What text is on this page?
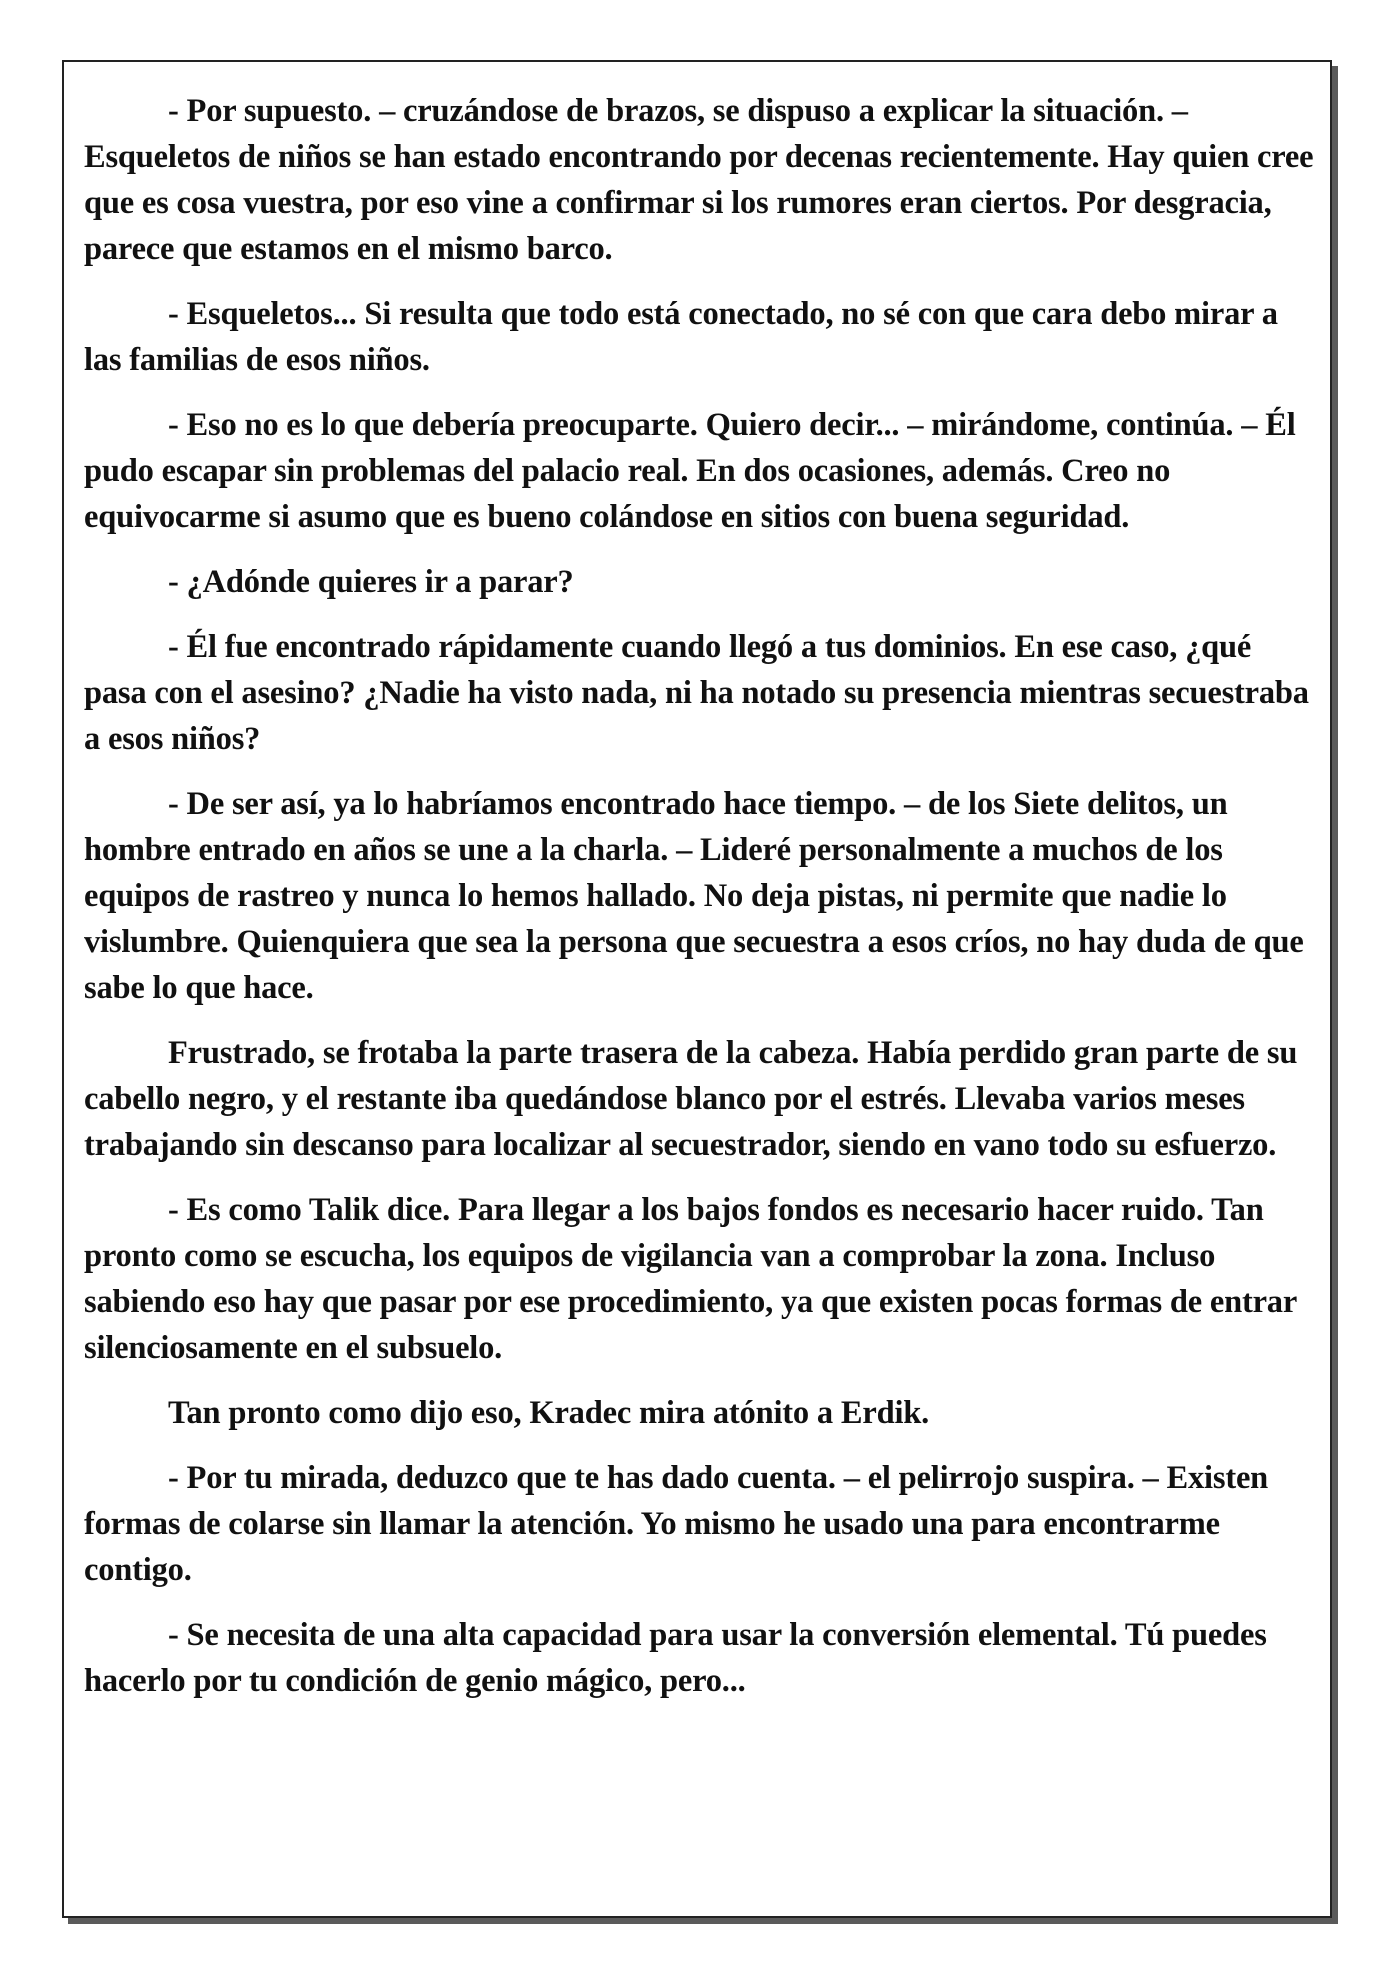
- Por supuesto. – cruzándose de brazos, se dispuso a explicar la situación. – Esqueletos de niños se han estado encontrando por decenas recientemente. Hay quien cree que es cosa vuestra, por eso vine a confirmar si los rumores eran ciertos. Por desgracia, parece que estamos en el mismo barco.

- Esqueletos... Si resulta que todo está conectado, no sé con que cara debo mirar a las familias de esos niños.

- Eso no es lo que debería preocuparte. Quiero decir... – mirándome, continúa. – Él pudo escapar sin problemas del palacio real. En dos ocasiones, además. Creo no equivocarme si asumo que es bueno colándose en sitios con buena seguridad.

- ¿Adónde quieres ir a parar?

- Él fue encontrado rápidamente cuando llegó a tus dominios. En ese caso, ¿qué pasa con el asesino? ¿Nadie ha visto nada, ni ha notado su presencia mientras secuestraba a esos niños?

- De ser así, ya lo habríamos encontrado hace tiempo. – de los Siete delitos, un hombre entrado en años se une a la charla. – Lideré personalmente a muchos de los equipos de rastreo y nunca lo hemos hallado. No deja pistas, ni permite que nadie lo vislumbre. Quienquiera que sea la persona que secuestra a esos críos, no hay duda de que sabe lo que hace.

Frustrado, se frotaba la parte trasera de la cabeza. Había perdido gran parte de su cabello negro, y el restante iba quedándose blanco por el estrés. Llevaba varios meses trabajando sin descanso para localizar al secuestrador, siendo en vano todo su esfuerzo.

- Es como Talik dice. Para llegar a los bajos fondos es necesario hacer ruido. Tan pronto como se escucha, los equipos de vigilancia van a comprobar la zona. Incluso sabiendo eso hay que pasar por ese procedimiento, ya que existen pocas formas de entrar silenciosamente en el subsuelo.

Tan pronto como dijo eso, Kradec mira atónito a Erdik.

- Por tu mirada, deduzco que te has dado cuenta. – el pelirrojo suspira. – Existen formas de colarse sin llamar la atención. Yo mismo he usado una para encontrarme contigo.

- Se necesita de una alta capacidad para usar la conversión elemental. Tú puedes hacerlo por tu condición de genio mágico, pero...
